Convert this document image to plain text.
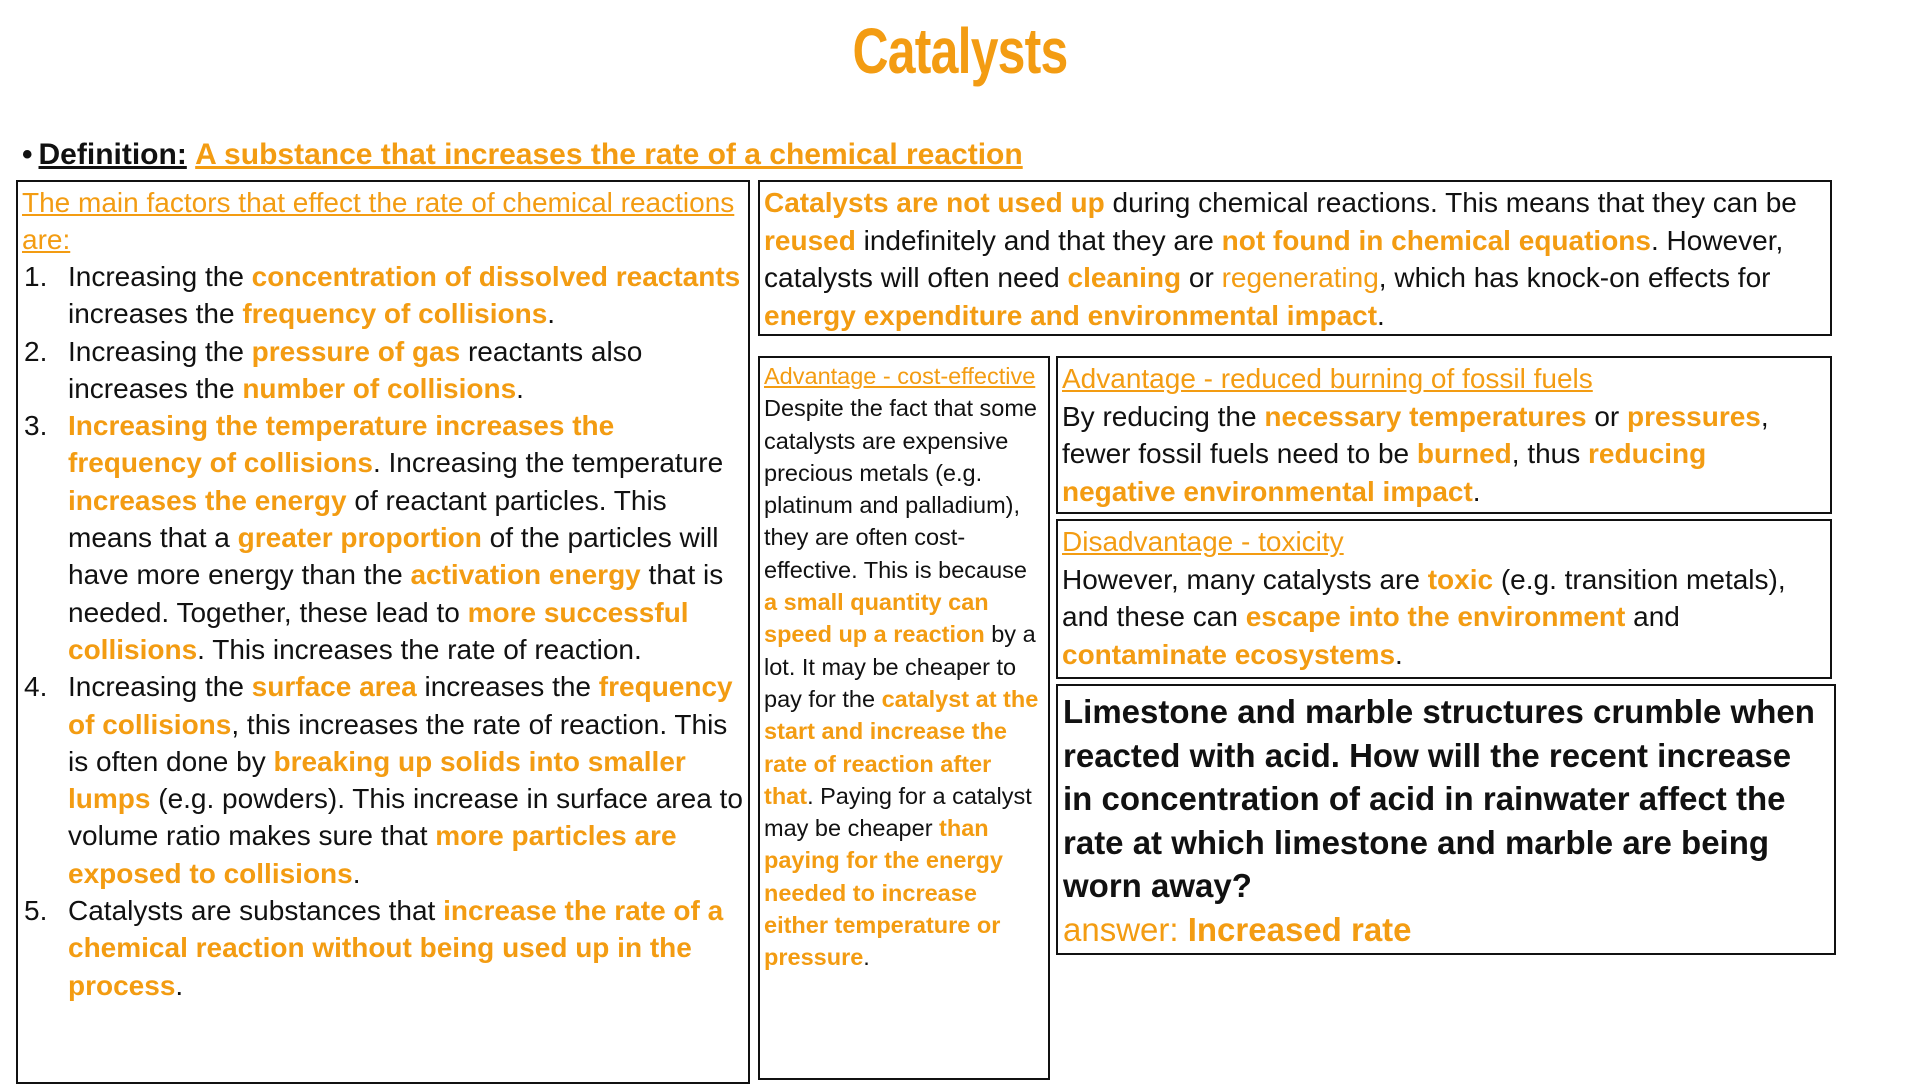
Catalysts
• Definition: A substance that increases the rate of a chemical reaction
The main factors that effect the rate of chemical reactions are:
1. Increasing the concentration of dissolved reactants increases the frequency of collisions.
2. Increasing the pressure of gas reactants also increases the number of collisions.
3. Increasing the temperature increases the frequency of collisions. Increasing the temperature increases the energy of reactant particles. This means that a greater proportion of the particles will have more energy than the activation energy that is needed. Together, these lead to more successful collisions. This increases the rate of reaction.
4. Increasing the surface area increases the frequency of collisions, this increases the rate of reaction. This is often done by breaking up solids into smaller lumps (e.g. powders). This increase in surface area to volume ratio makes sure that more particles are exposed to collisions.
5. Catalysts are substances that increase the rate of a chemical reaction without being used up in the process.
Catalysts are not used up during chemical reactions. This means that they can be reused indefinitely and that they are not found in chemical equations. However, catalysts will often need cleaning or regenerating, which has knock-on effects for energy expenditure and environmental impact.
Advantage - cost-effective
Despite the fact that some catalysts are expensive precious metals (e.g. platinum and palladium), they are often cost-effective. This is because a small quantity can speed up a reaction by a lot. It may be cheaper to pay for the catalyst at the start and increase the rate of reaction after that. Paying for a catalyst may be cheaper than paying for the energy needed to increase either temperature or pressure.
Advantage - reduced burning of fossil fuels
By reducing the necessary temperatures or pressures, fewer fossil fuels need to be burned, thus reducing negative environmental impact.
Disadvantage - toxicity
However, many catalysts are toxic (e.g. transition metals), and these can escape into the environment and contaminate ecosystems.
Limestone and marble structures crumble when reacted with acid. How will the recent increase in concentration of acid in rainwater affect the rate at which limestone and marble are being worn away?
answer: Increased rate
